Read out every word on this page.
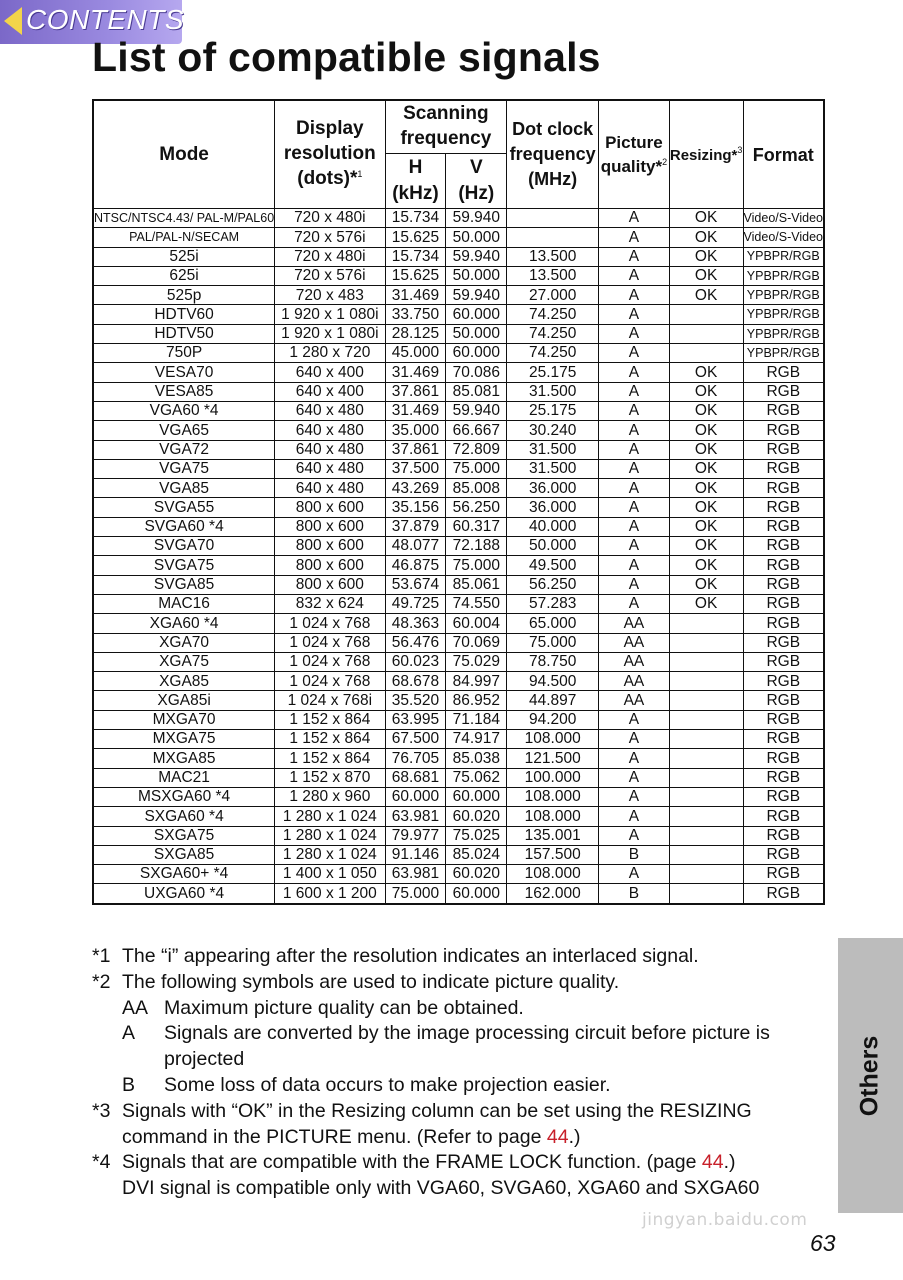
CONTENTS
List of compatible signals
Mode	Display
resolution
(dots)*$^1$	Scanning
frequency		Dot clock
frequency
(MHz)	Picture
quality*$^2$	Resizing*$^3$	Format
		H
(kHz)	V
(Hz)				
NTSC/NTSC4.43/ PAL-M/PAL60	720 x 480i	15.734	59.940		A	OK	Video/S-Video
PAL/PAL-N/SECAM	720 x 576i	15.625	50.000		A	OK	Video/S-Video
525i	720 x 480i	15.734	59.940	13.500	A	OK	YPBPR/RGB
625i	720 x 576i	15.625	50.000	13.500	A	OK	YPBPR/RGB
525p	720 x 483	31.469	59.940	27.000	A	OK	YPBPR/RGB
HDTV60	1 920 x 1 080i	33.750	60.000	74.250	A		YPBPR/RGB
HDTV50	1 920 x 1 080i	28.125	50.000	74.250	A		YPBPR/RGB
750P	1 280 x 720	45.000	60.000	74.250	A		YPBPR/RGB
VESA70	640 x 400	31.469	70.086	25.175	A	OK	RGB
VESA85	640 x 400	37.861	85.081	31.500	A	OK	RGB
VGA60 *4	640 x 480	31.469	59.940	25.175	A	OK	RGB
VGA65	640 x 480	35.000	66.667	30.240	A	OK	RGB
VGA72	640 x 480	37.861	72.809	31.500	A	OK	RGB
VGA75	640 x 480	37.500	75.000	31.500	A	OK	RGB
VGA85	640 x 480	43.269	85.008	36.000	A	OK	RGB
SVGA55	800 x 600	35.156	56.250	36.000	A	OK	RGB
SVGA60 *4	800 x 600	37.879	60.317	40.000	A	OK	RGB
SVGA70	800 x 600	48.077	72.188	50.000	A	OK	RGB
SVGA75	800 x 600	46.875	75.000	49.500	A	OK	RGB
SVGA85	800 x 600	53.674	85.061	56.250	A	OK	RGB
MAC16	832 x 624	49.725	74.550	57.283	A	OK	RGB
XGA60 *4	1 024 x 768	48.363	60.004	65.000	AA		RGB
XGA70	1 024 x 768	56.476	70.069	75.000	AA		RGB
XGA75	1 024 x 768	60.023	75.029	78.750	AA		RGB
XGA85	1 024 x 768	68.678	84.997	94.500	AA		RGB
XGA85i	1 024 x 768i	35.520	86.952	44.897	AA		RGB
MXGA70	1 152 x 864	63.995	71.184	94.200	A		RGB
MXGA75	1 152 x 864	67.500	74.917	108.000	A		RGB
MXGA85	1 152 x 864	76.705	85.038	121.500	A		RGB
MAC21	1 152 x 870	68.681	75.062	100.000	A		RGB
MSXGA60 *4	1 280 x 960	60.000	60.000	108.000	A		RGB
SXGA60 *4	1 280 x 1 024	63.981	60.020	108.000	A		RGB
SXGA75	1 280 x 1 024	79.977	75.025	135.001	A		RGB
SXGA85	1 280 x 1 024	91.146	85.024	157.500	B		RGB
SXGA60+ *4	1 400 x 1 050	63.981	60.020	108.000	A		RGB
UXGA60 *4	1 600 x 1 200	75.000	60.000	162.000	B		RGB
*1 The “i” appearing after the resolution indicates an interlaced signal.
*2 The following symbols are used to indicate picture quality.
AA Maximum picture quality can be obtained.
A	Signals are converted by the image processing circuit before picture is projected
B	Some loss of data occurs to make projection easier.
*3 Signals with “OK” in the Resizing column can be set using the RESIZING command in the PICTURE menu. (Refer to page 44.)
*4 Signals that are compatible with the FRAME LOCK function. (page 44.)
DVI signal is compatible only with VGA60, SVGA60, XGA60 and SXGA60
Others
jingyan.baidu.com
63
